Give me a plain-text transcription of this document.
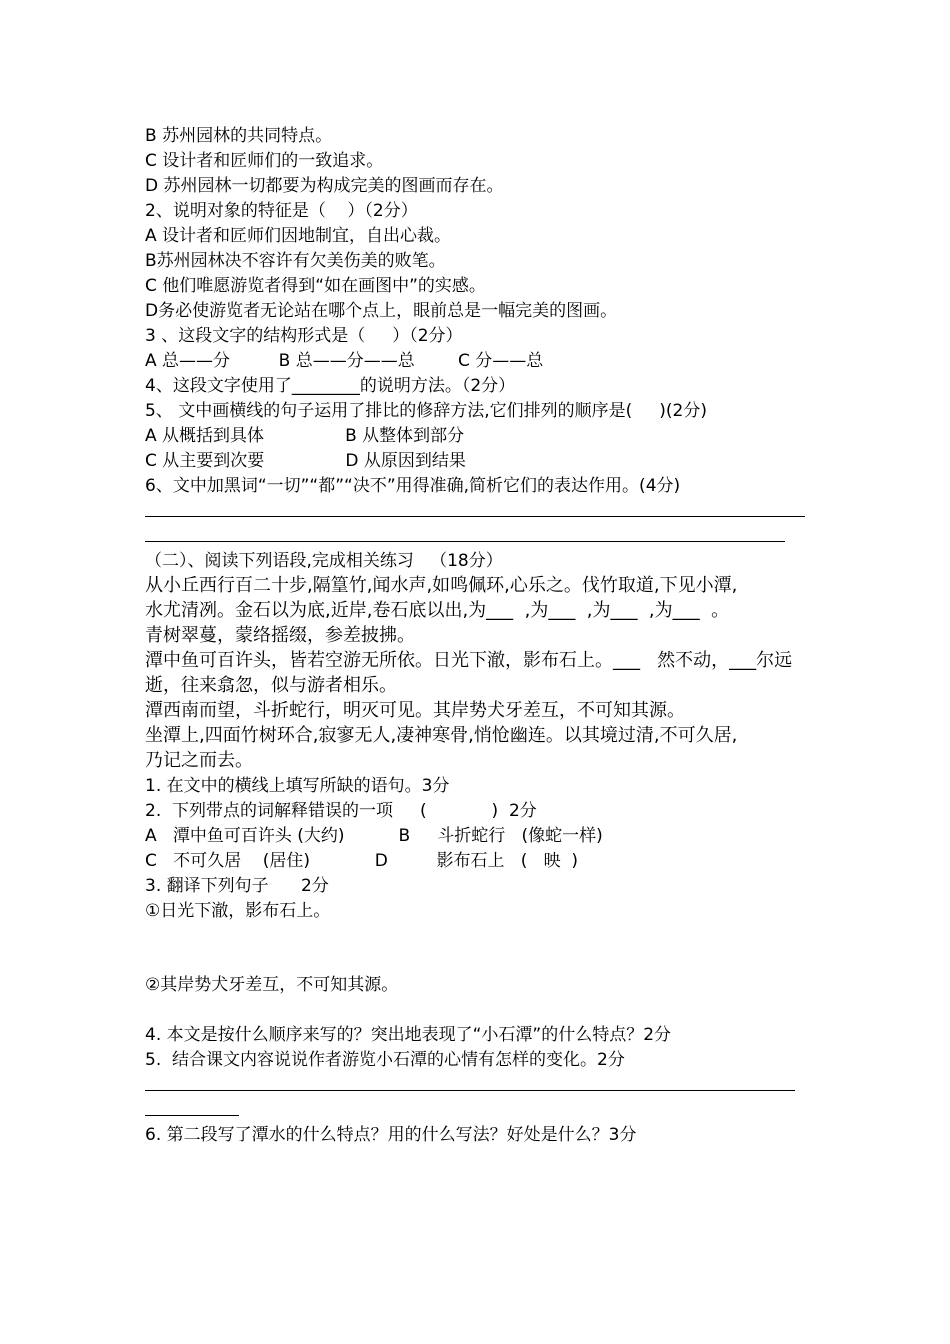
B 苏州园林的共同特点。
C 设计者和匠师们的一致追求。
D 苏州园林一切都要为构成完美的图画而存在。
2、说明对象的特征是（    ）（2分）
A 设计者和匠师们因地制宜，自出心裁。
B苏州园林决不容许有欠美伤美的败笔。
C 他们唯愿游览者得到“如在画图中”的实感。
D务必使游览者无论站在哪个点上，眼前总是一幅完美的图画。
3 、这段文字的结构形式是（     ）（2分）
A 总——分         B 总——分——总        C 分——总
4、这段文字使用了________的说明方法。（2分）
5、 文中画横线的句子运用了排比的修辞方法,它们排列的顺序是(     )(2分)
A 从概括到具体               B 从整体到部分
C 从主要到次要               D 从原因到结果
6、文中加黑词“一切”“都”“决不”用得准确,简析它们的表达作用。(4分)
（二）、阅读下列语段,完成相关练习   （18分）
从小丘西行百二十步,隔篁竹,闻水声,如鸣佩环,心乐之。伐竹取道,下见小潭,
水尤清冽。金石以为底,近岸,卷石底以出,为___  ,为___  ,为___  ,为___  。
青树翠蔓，蒙络摇缀，参差披拂。
潭中鱼可百许头，皆若空游无所依。日光下澈，影布石上。___   然不动，___尔远
逝，往来翕忽，似与游者相乐。
潭西南而望，斗折蛇行，明灭可见。其岸势犬牙差互，不可知其源。
坐潭上,四面竹树环合,寂寥无人,凄神寒骨,悄怆幽连。以其境过清,不可久居,
乃记之而去。
1. 在文中的横线上填写所缺的语句。3分
2.  下列带点的词解释错误的一项     (            )  2分
A   潭中鱼可百许头 (大约)          B     斗折蛇行   (像蛇一样)
C   不可久居    (居住)            D         影布石上   (   映  )
3. 翻译下列句子      2分
①日光下澈，影布石上。
②其岸势犬牙差互，不可知其源。
4. 本文是按什么顺序来写的？突出地表现了“小石潭”的什么特点？2分
5.  结合课文内容说说作者游览小石潭的心情有怎样的变化。2分
6. 第二段写了潭水的什么特点？用的什么写法？好处是什么？3分
